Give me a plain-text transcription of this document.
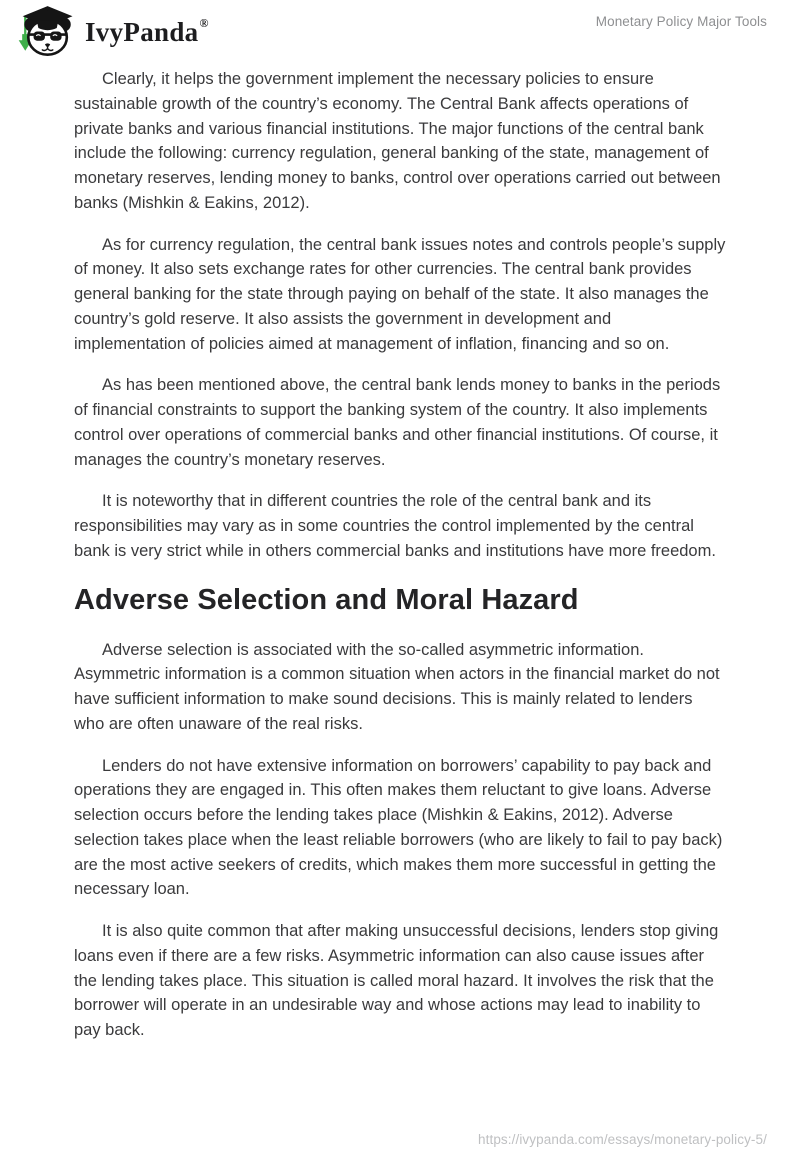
IvyPanda®	Monetary Policy Major Tools

Clearly, it helps the government implement the necessary policies to ensure sustainable growth of the country’s economy. The Central Bank affects operations of private banks and various financial institutions. The major functions of the central bank include the following: currency regulation, general banking of the state, management of monetary reserves, lending money to banks, control over operations carried out between banks (Mishkin & Eakins, 2012).

As for currency regulation, the central bank issues notes and controls people’s supply of money. It also sets exchange rates for other currencies. The central bank provides general banking for the state through paying on behalf of the state. It also manages the country’s gold reserve. It also assists the government in development and implementation of policies aimed at management of inflation, financing and so on.

As has been mentioned above, the central bank lends money to banks in the periods of financial constraints to support the banking system of the country. It also implements control over operations of commercial banks and other financial institutions. Of course, it manages the country’s monetary reserves.

It is noteworthy that in different countries the role of the central bank and its responsibilities may vary as in some countries the control implemented by the central bank is very strict while in others commercial banks and institutions have more freedom.

Adverse Selection and Moral Hazard

Adverse selection is associated with the so-called asymmetric information. Asymmetric information is a common situation when actors in the financial market do not have sufficient information to make sound decisions. This is mainly related to lenders who are often unaware of the real risks.

Lenders do not have extensive information on borrowers’ capability to pay back and operations they are engaged in. This often makes them reluctant to give loans. Adverse selection occurs before the lending takes place (Mishkin & Eakins, 2012). Adverse selection takes place when the least reliable borrowers (who are likely to fail to pay back) are the most active seekers of credits, which makes them more successful in getting the necessary loan.

It is also quite common that after making unsuccessful decisions, lenders stop giving loans even if there are a few risks. Asymmetric information can also cause issues after the lending takes place. This situation is called moral hazard. It involves the risk that the borrower will operate in an undesirable way and whose actions may lead to inability to pay back.

https://ivypanda.com/essays/monetary-policy-5/
